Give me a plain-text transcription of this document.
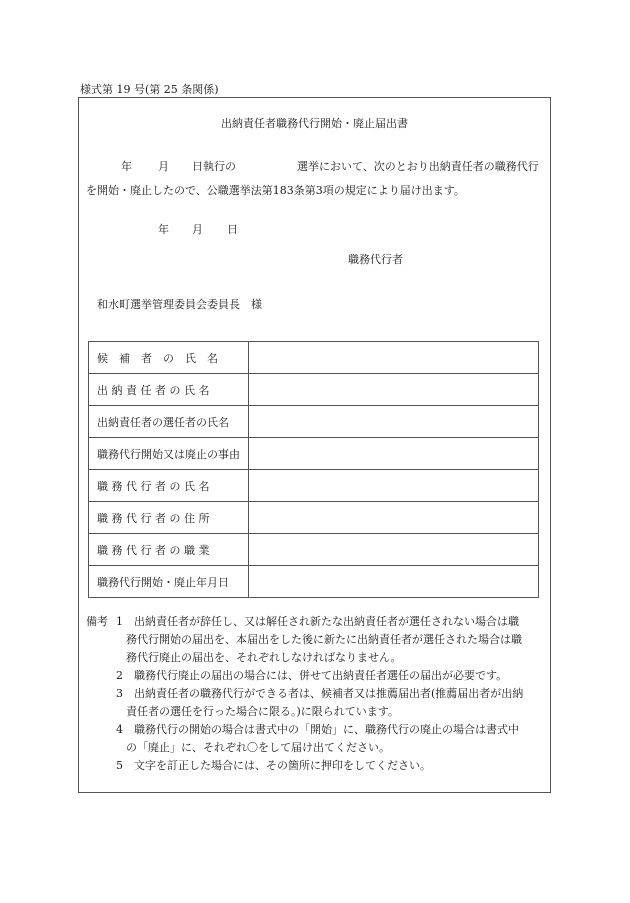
様式第 19 号(第 25 条関係)
出納責任者職務代行開始・廃止届出書
年 月 日執行の	選挙において、次のとおり出納責任者の職務代行
を開始・廃止したので、公職選挙法第183条第3項の規定により届け出ます。
年 月 日
職務代行者
和水町選挙管理委員会委員長　様
候　補　者　の　氏　名	
出 納 責 任 者 の 氏 名	
出納責任者の選任者の氏名	
職務代行開始又は廃止の事由	
職 務 代 行 者 の 氏 名	
職 務 代 行 者 の 住 所	
職 務 代 行 者 の 職 業	
職務代行開始・廃止年月日	
備考 1 出納責任者が辞任し、又は解任され新たな出納責任者が選任されない場合は職
務代行開始の届出を、本届出をした後に新たに出納責任者が選任された場合は職
務代行廃止の届出を、それぞれしなければなりません。
2 職務代行廃止の届出の場合には、併せて出納責任者選任の届出が必要です。
3 出納責任者の職務代行ができる者は、候補者又は推薦届出者(推薦届出者が出納
責任者の選任を行った場合に限る。)に限られています。
4 職務代行の開始の場合は書式中の「開始」に、職務代行の廃止の場合は書式中
の「廃止」に、それぞれ〇をして届け出てください。
5 文字を訂正した場合には、その箇所に押印をしてください。
